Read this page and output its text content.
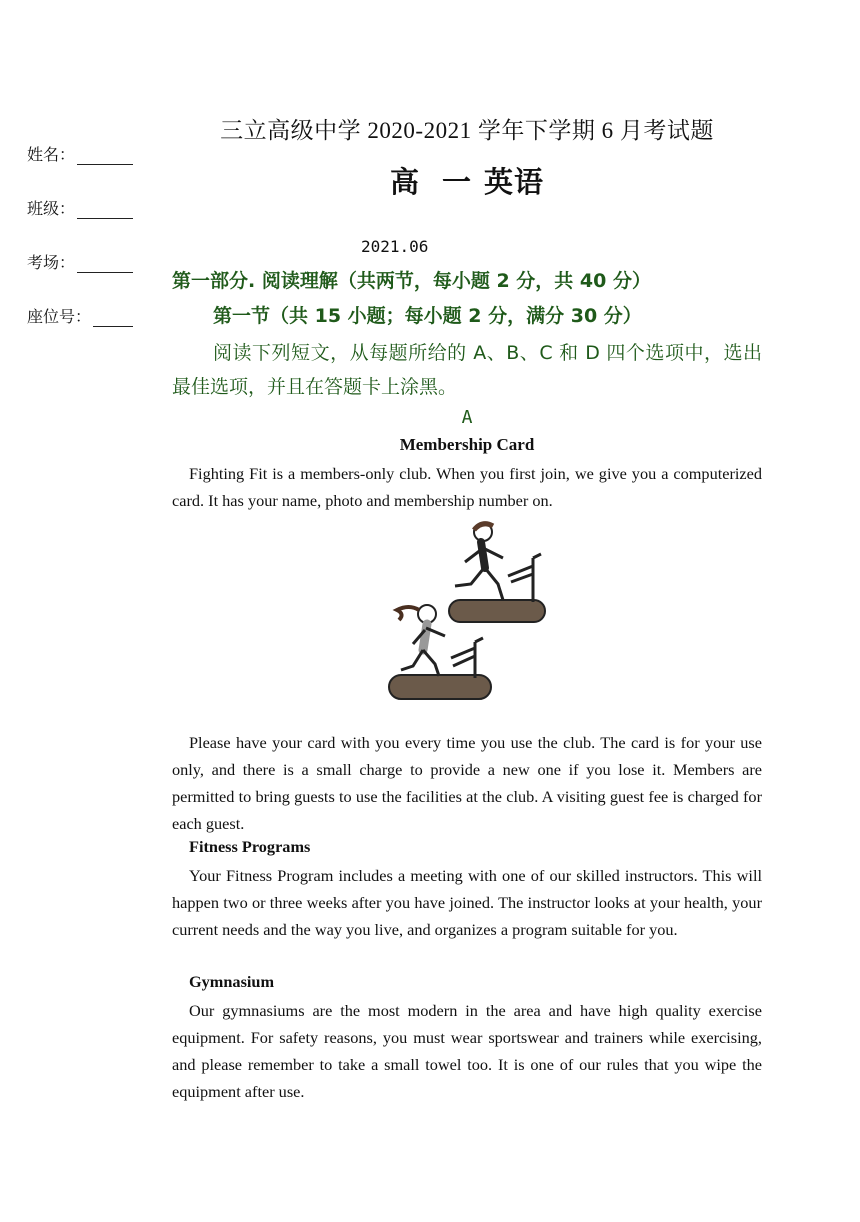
姓名：
班级：
考场：
座位号：
三立高级中学 2020-2021 学年下学期 6 月考试题
高 一 英语
2021.06
第一部分. 阅读理解（共两节，每小题 2 分，共 40 分）
第一节（共 15 小题；每小题 2 分，满分 30 分）
阅读下列短文，从每题所给的 A、B、C 和 D 四个选项中，选出最佳选项，并且在答题卡上涂黑。
A
Membership Card
Fighting Fit is a members-only club. When you first join, we give you a computerized card. It has your name, photo and membership number on.
Please have your card with you every time you use the club. The card is for your use only, and there is a small charge to provide a new one if you lose it. Members are permitted to bring guests to use the facilities at the club. A visiting guest fee is charged for each guest.
Fitness Programs
Your Fitness Program includes a meeting with one of our skilled instructors. This will happen two or three weeks after you have joined. The instructor looks at your health, your current needs and the way you live, and organizes a program suitable for you.
Gymnasium
Our gymnasiums are the most modern in the area and have high quality exercise equipment. For safety reasons, you must wear sportswear and trainers while exercising, and please remember to take a small towel too. It is one of our rules that you wipe the equipment after use.
